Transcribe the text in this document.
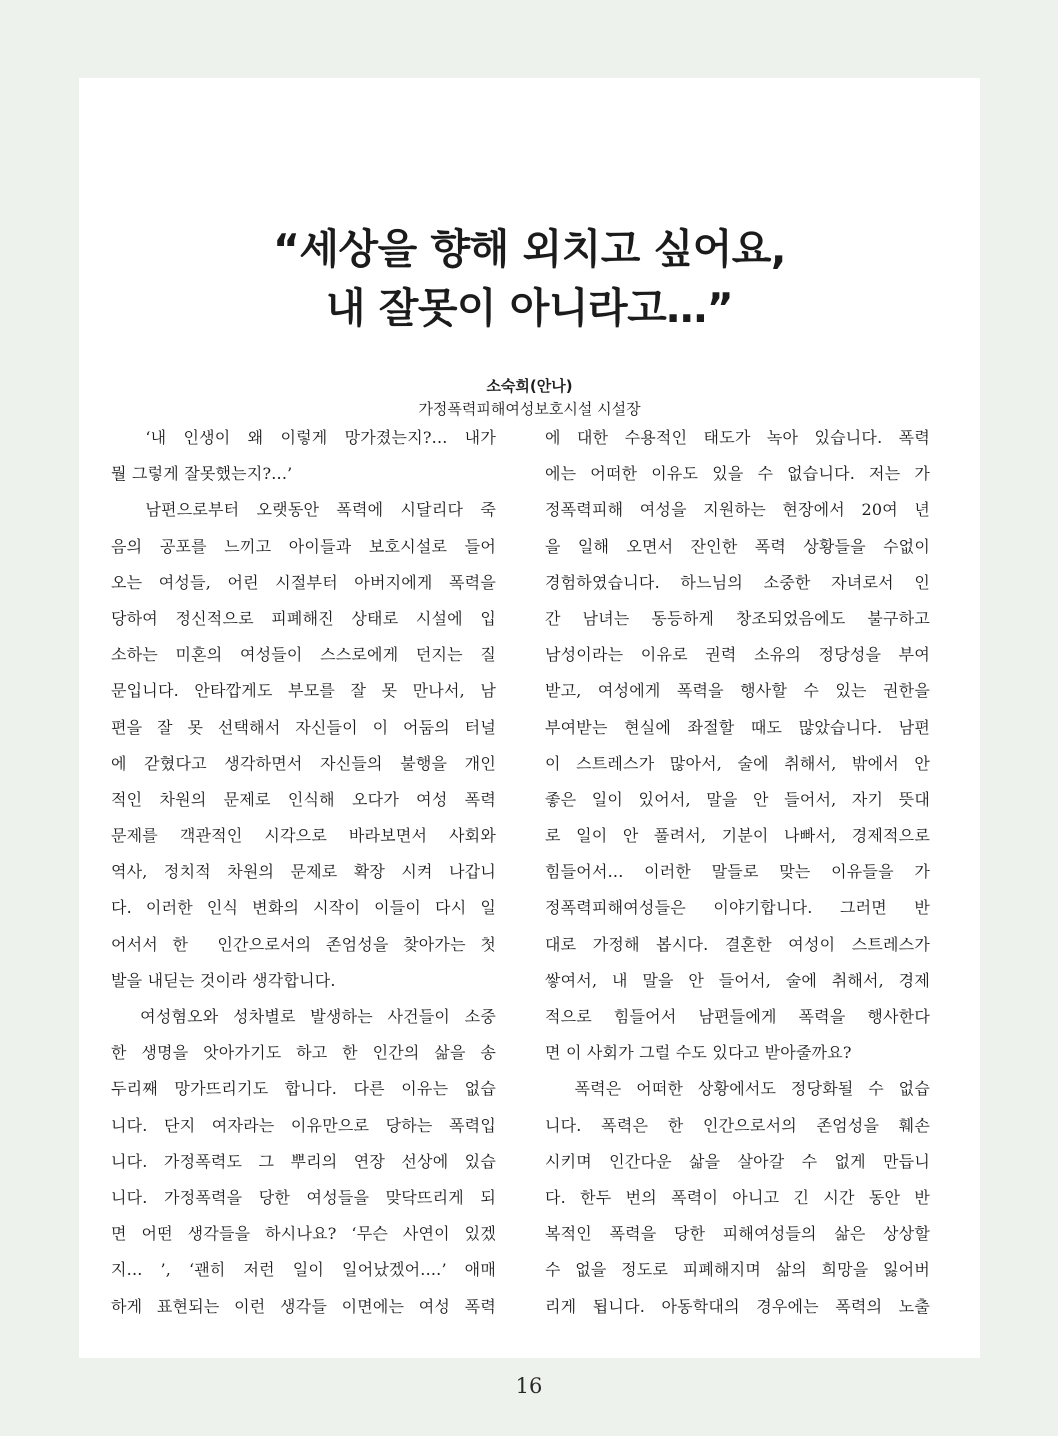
“세상을 향해 외치고 싶어요,
내 잘못이 아니라고…”
소숙희(안나)
가정폭력피해여성보호시설 시설장
‘내 인생이 왜 이렇게 망가졌는지?... 내가
뭘 그렇게 잘못했는지?...’
남편으로부터 오랫동안 폭력에 시달리다 죽
음의 공포를 느끼고 아이들과 보호시설로 들어
오는 여성들, 어린 시절부터 아버지에게 폭력을
당하여 정신적으로 피폐해진 상태로 시설에 입
소하는 미혼의 여성들이 스스로에게 던지는 질
문입니다. 안타깝게도 부모를 잘 못 만나서, 남
편을 잘 못 선택해서 자신들이 이 어둠의 터널
에 갇혔다고 생각하면서 자신들의 불행을 개인
적인 차원의 문제로 인식해 오다가 여성 폭력
문제를 객관적인 시각으로 바라보면서 사회와
역사, 정치적 차원의 문제로 확장 시켜 나갑니
다. 이러한 인식 변화의 시작이 이들이 다시 일
어서서 한  인간으로서의 존엄성을 찾아가는 첫
발을 내딛는 것이라 생각합니다.
여성혐오와 성차별로 발생하는 사건들이 소중
한 생명을 앗아가기도 하고 한 인간의 삶을 송
두리째 망가뜨리기도 합니다. 다른 이유는 없습
니다. 단지 여자라는 이유만으로 당하는 폭력입
니다. 가정폭력도 그 뿌리의 연장 선상에 있습
니다. 가정폭력을 당한 여성들을 맞닥뜨리게 되
면 어떤 생각들을 하시나요? ‘무슨 사연이 있겠
지... ’, ‘괜히 저런 일이 일어났겠어....’ 애매
하게 표현되는 이런 생각들 이면에는 여성 폭력
에 대한 수용적인 태도가 녹아 있습니다. 폭력
에는 어떠한 이유도 있을 수 없습니다. 저는 가
정폭력피해 여성을 지원하는 현장에서 20여 년
을 일해 오면서 잔인한 폭력 상황들을 수없이
경험하였습니다. 하느님의 소중한 자녀로서 인
간 남녀는 동등하게 창조되었음에도 불구하고
남성이라는 이유로 권력 소유의 정당성을 부여
받고, 여성에게 폭력을 행사할 수 있는 권한을
부여받는 현실에 좌절할 때도 많았습니다. 남편
이 스트레스가 많아서, 술에 취해서, 밖에서 안
좋은 일이 있어서, 말을 안 들어서, 자기 뜻대
로 일이 안 풀려서, 기분이 나빠서, 경제적으로
힘들어서... 이러한 말들로 맞는 이유들을 가
정폭력피해여성들은 이야기합니다. 그러면 반
대로 가정해 봅시다. 결혼한 여성이 스트레스가
쌓여서, 내 말을 안 들어서, 술에 취해서, 경제
적으로 힘들어서 남편들에게 폭력을 행사한다
면 이 사회가 그럴 수도 있다고 받아줄까요?
폭력은 어떠한 상황에서도 정당화될 수 없습
니다. 폭력은 한 인간으로서의 존엄성을 훼손
시키며 인간다운 삶을 살아갈 수 없게 만듭니
다. 한두 번의 폭력이 아니고 긴 시간 동안 반
복적인 폭력을 당한 피해여성들의 삶은 상상할
수 없을 정도로 피폐해지며 삶의 희망을 잃어버
리게 됩니다. 아동학대의 경우에는 폭력의 노출
16
